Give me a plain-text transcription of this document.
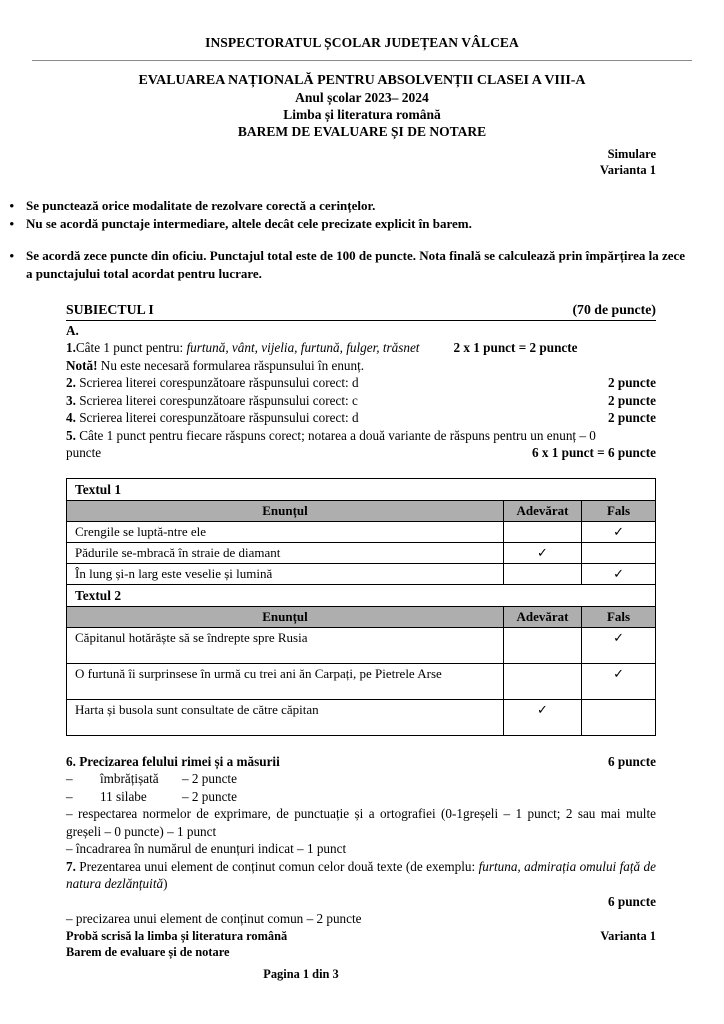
INSPECTORATUL ȘCOLAR JUDEȚEAN VÂLCEA
EVALUAREA NAȚIONALĂ PENTRU ABSOLVENȚII CLASEI A VIII-A
Anul școlar 2023– 2024
Limba și literatura română
BAREM DE EVALUARE ȘI DE NOTARE
Simulare
Varianta 1
• Se punctează orice modalitate de rezolvare corectă a cerințelor.
• Nu se acordă punctaje intermediare, altele decât cele precizate explicit în barem.
• Se acordă zece puncte din oficiu. Punctajul total este de 100 de puncte. Nota finală se calculează prin împărțirea la zece a punctajului total acordat pentru lucrare.
SUBIECTUL I	(70 de puncte)
A.
1.Câte 1 punct pentru: furtună, vânt, vijelia, furtună, fulger, trăsnet	2 x 1 punct = 2 puncte
Notă! Nu este necesară formularea răspunsului în enunț.
2. Scrierea literei corespunzătoare răspunsului corect: d	2 puncte
3. Scrierea literei corespunzătoare răspunsului corect: c	2 puncte
4. Scrierea literei corespunzătoare răspunsului corect: d	2 puncte
5. Câte 1 punct pentru fiecare răspuns corect; notarea a două variante de răspuns pentru un enunț – 0
puncte	6 x 1 punct = 6 puncte
Textul 1		
Enunțul	Adevărat	Fals
Crengile se luptă-ntre ele		✓
Pădurile se-mbracă în straie de diamant	✓	
În lung și-n larg este veselie și lumină		✓
Textul 2		
Enunțul	Adevărat	Fals
Căpitanul hotărăște să se îndrepte spre Rusia		✓
O furtună îi surprinsese în urmă cu trei ani ăn Carpați, pe Pietrele Arse		✓
Harta și busola sunt consultate de către căpitan	✓	
6. Precizarea felului rimei și a măsurii	6 puncte
–	îmbrățișată	– 2 puncte
–	11 silabe	– 2 puncte
– respectarea normelor de exprimare, de punctuație și a ortografiei (0-1greșeli – 1 punct; 2 sau mai multe greșeli – 0 puncte) – 1 punct
– încadrarea în numărul de enunțuri indicat – 1 punct
7. Prezentarea unui element de conținut comun celor două texte (de exemplu: furtuna, admirația omului față de natura dezlănțuită)
6 puncte
– precizarea unui element de conținut comun – 2 puncte
Probă scrisă la limba și literatura română	Varianta 1
Barem de evaluare și de notare
Pagina 1 din 3
